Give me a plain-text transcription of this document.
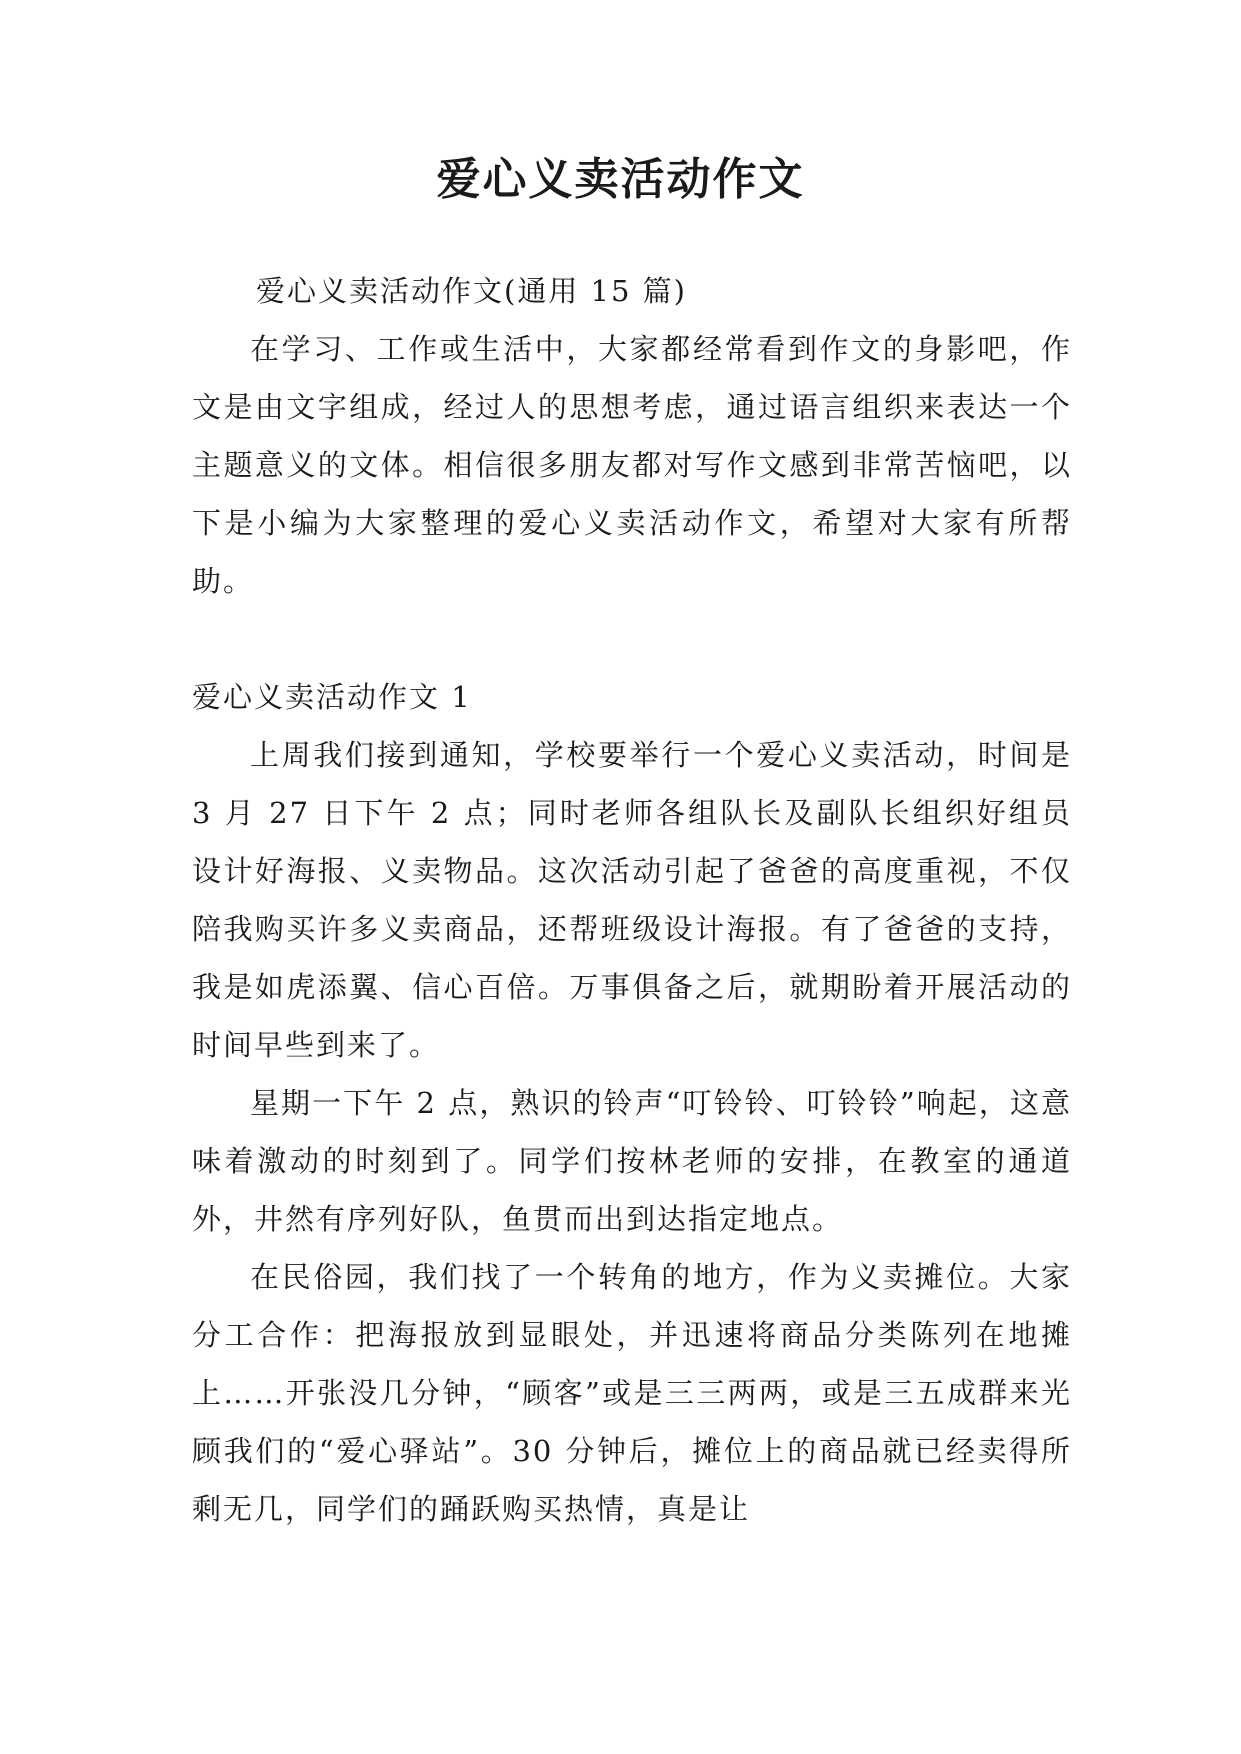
爱心义卖活动作文

爱心义卖活动作文(通用 15 篇)

在学习、工作或生活中，大家都经常看到作文的身影吧，作文是由文字组成，经过人的思想考虑，通过语言组织来表达一个主题意义的文体。相信很多朋友都对写作文感到非常苦恼吧，以下是小编为大家整理的爱心义卖活动作文，希望对大家有所帮助。

爱心义卖活动作文 1

上周我们接到通知，学校要举行一个爱心义卖活动，时间是 3 月 27 日下午 2 点；同时老师各组队长及副队长组织好组员设计好海报、义卖物品。这次活动引起了爸爸的高度重视，不仅陪我购买许多义卖商品，还帮班级设计海报。有了爸爸的支持，我是如虎添翼、信心百倍。万事俱备之后，就期盼着开展活动的时间早些到来了。

星期一下午 2 点，熟识的铃声“叮铃铃、叮铃铃”响起，这意味着激动的时刻到了。同学们按林老师的安排，在教室的通道外，井然有序列好队，鱼贯而出到达指定地点。

在民俗园，我们找了一个转角的地方，作为义卖摊位。大家分工合作：把海报放到显眼处，并迅速将商品分类陈列在地摊上……开张没几分钟，“顾客”或是三三两两，或是三五成群来光顾我们的“爱心驿站”。30 分钟后，摊位上的商品就已经卖得所剩无几，同学们的踊跃购买热情，真是让
